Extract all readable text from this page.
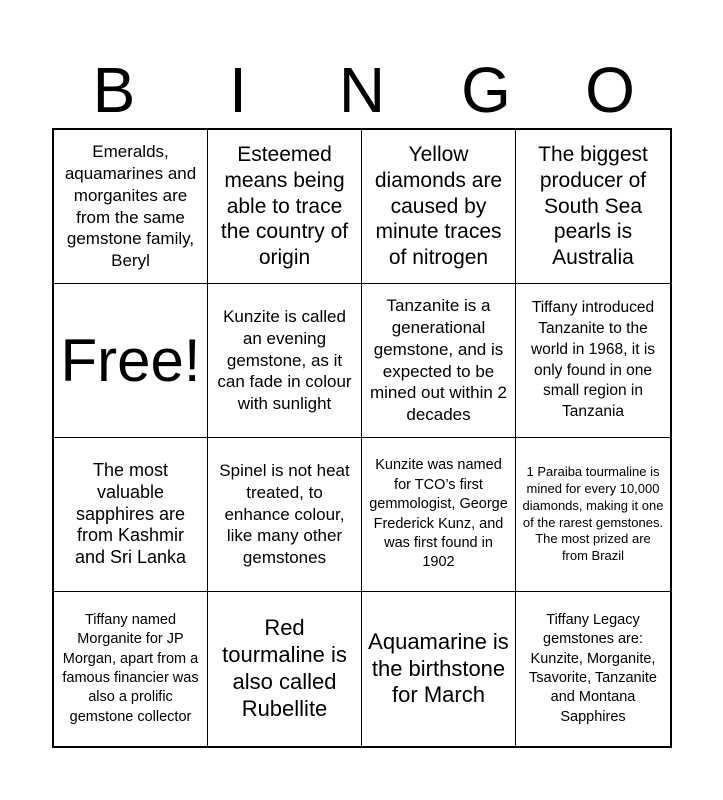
B	I	N	G	O
Emeralds, aquamarines and morganites are from the same gemstone family, Beryl
Esteemed means being able to trace the country of origin
Yellow diamonds are caused by minute traces of nitrogen
The biggest producer of South Sea pearls is Australia
Free!
Kunzite is called an evening gemstone, as it can fade in colour with sunlight
Tanzanite is a generational gemstone, and is expected to be mined out within 2 decades
Tiffany introduced Tanzanite to the world in 1968, it is only found in one small region in Tanzania
The most valuable sapphires are from Kashmir and Sri Lanka
Spinel is not heat treated, to enhance colour, like many other gemstones
Kunzite was named for TCO’s first gemmologist, George Frederick Kunz, and was first found in 1902
1 Paraiba tourmaline is mined for every 10,000 diamonds, making it one of the rarest gemstones. The most prized are from Brazil
Tiffany named Morganite for JP Morgan, apart from a famous financier was also a prolific gemstone collector
Red tourmaline is also called Rubellite
Aquamarine is the birthstone for March
Tiffany Legacy gemstones are: Kunzite, Morganite, Tsavorite, Tanzanite and Montana Sapphires
